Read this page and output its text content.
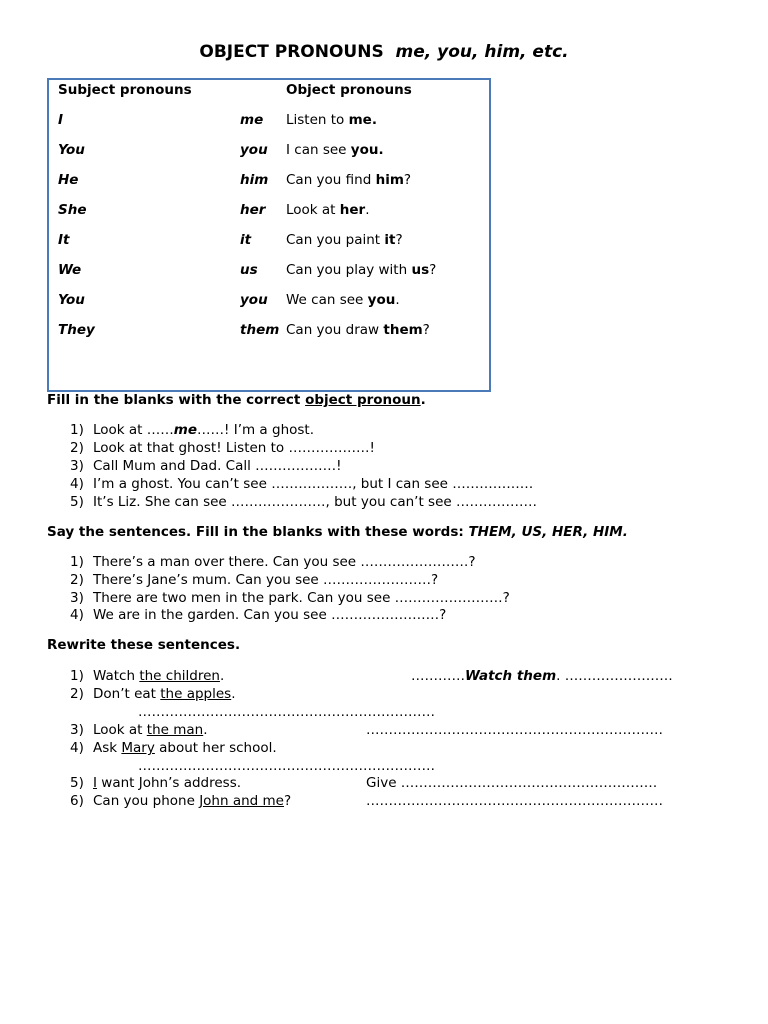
OBJECT PRONOUNS me, you, him, etc.
Subject pronouns	Object pronouns
I	me Listen to me.
You	you I can see you.
He	him Can you find him?
She	her Look at her.
It	it	Can you paint it?
We	us Can you play with us?
You	you We can see you.
They	them Can you draw them?
Fill in the blanks with the correct object pronoun.
1) Look at ……me……! I’m a ghost.
2) Look at that ghost! Listen to ………………!
3) Call Mum and Dad. Call ………………!
4) I’m a ghost. You can’t see ………………, but I can see ………………
5) It’s Liz. She can see …………………, but you can’t see ………………
Say the sentences. Fill in the blanks with these words: THEM, US, HER, HIM.
1) There’s a man over there. Can you see ……………………?
2) There’s Jane’s mum. Can you see ……………………?
3) There are two men in the park. Can you see ……………………?
4) We are in the garden. Can you see ……………………?
Rewrite these sentences.
1) Watch the children.	…………Watch them. ……………………
2) Don’t eat the apples.
…………………………………………………………
3) Look at the man.	…………………………………………………………
4) Ask Mary about her school.
…………………………………………………………
5) I want John’s address.	Give …………………………………………………
6) Can you phone John and me?	…………………………………………………………
